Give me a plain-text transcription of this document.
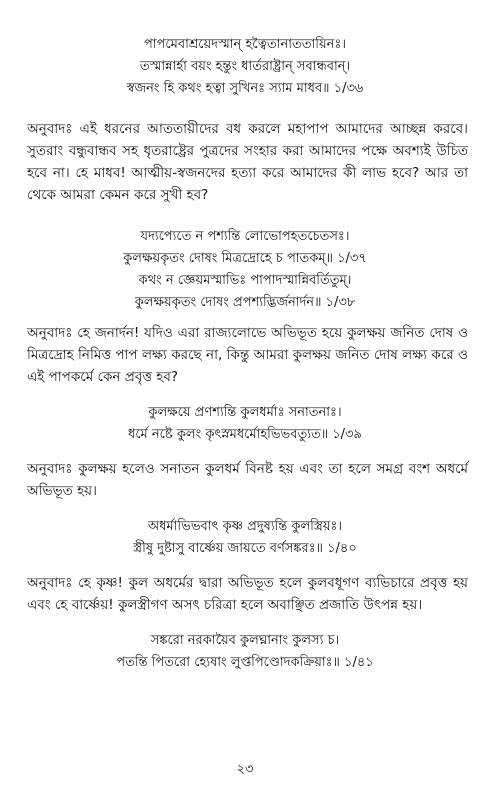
পাপমেবাশ্রয়েদস্মান্ হত্বৈতানাততায়িনঃ।
তস্মান্নার্হা বয়ং হন্তুং ধার্তরাষ্ট্রান্ সবান্ধবান্।
স্বজনং হি কথং হত্বা সুখিনঃ স্যাম মাধব॥ ১/৩৬

অনুবাদঃ এই ধরনের আততায়ীদের বধ করলে মহাপাপ আমাদের আচ্ছন্ন করবে। সুতরাং বন্ধুবান্ধব সহ ধৃতরাষ্ট্রের পুত্রদের সংহার করা আমাদের পক্ষে অবশ্যই উচিত হবে না। হে মাধব! আত্মীয়-স্বজনদের হত্যা করে আমাদের কী লাভ হবে? আর তা থেকে আমরা কেমন করে সুখী হব?

যদ্যপ্যেতে ন পশ্যন্তি লোভোপহতচেতসঃ।
কুলক্ষয়কৃতং দোষং মিত্রদ্রোহে চ পাতকম্॥ ১/৩৭
কথং ন জ্ঞেয়মস্মাভিঃ পাপাদস্মান্নিবর্তিতুম্।
কুলক্ষয়কৃতং দোষং প্রপশ্যদ্ভির্জনার্দন॥ ১/৩৮

অনুবাদঃ হে জনার্দন! যদিও এরা রাজ্যলোভে অভিভূত হয়ে কুলক্ষয় জনিত দোষ ও মিত্রদ্রোহ নিমিত্ত পাপ লক্ষ্য করছে না, কিন্তু আমরা কুলক্ষয় জনিত দোষ লক্ষ্য করে ও এই পাপকর্মে কেন প্রবৃত্ত হব?

কুলক্ষয়ে প্রণশ্যন্তি কুলধর্মাঃ সনাতনাঃ।
ধর্মে নষ্টে কুলং কৃৎস্নমধর্মোহভিভবত্যুত॥ ১/৩৯

অনুবাদঃ কুলক্ষয় হলেও সনাতন কুলধর্ম বিনষ্ট হয় এবং তা হলে সমগ্র বংশ অধর্মে অভিভূত হয়।

অধর্মাভিভবাৎ কৃষ্ণ প্রদুষ্যন্তি কুলস্ত্রিয়ঃ।
স্ত্রীষু দুষ্টাসু বার্ষ্ণেয় জায়তে বর্ণসঙ্করঃ॥ ১/৪০

অনুবাদঃ হে কৃষ্ণ! কুল অধর্মের দ্বারা অভিভূত হলে কুলবধূগণ ব্যভিচারে প্রবৃত্ত হয় এবং হে বার্ষ্ণেয়! কুলস্ত্রীগণ অসৎ চরিত্রা হলে অবাঞ্ছিত প্রজাতি উৎপন্ন হয়।

সঙ্করো নরকায়ৈব কুলঘ্নানাং কুলস্য চ।
পতন্তি পিতরো হ্যেষাং লুপ্তপিণ্ডোদকক্রিয়াঃ॥ ১/৪১
২৩
